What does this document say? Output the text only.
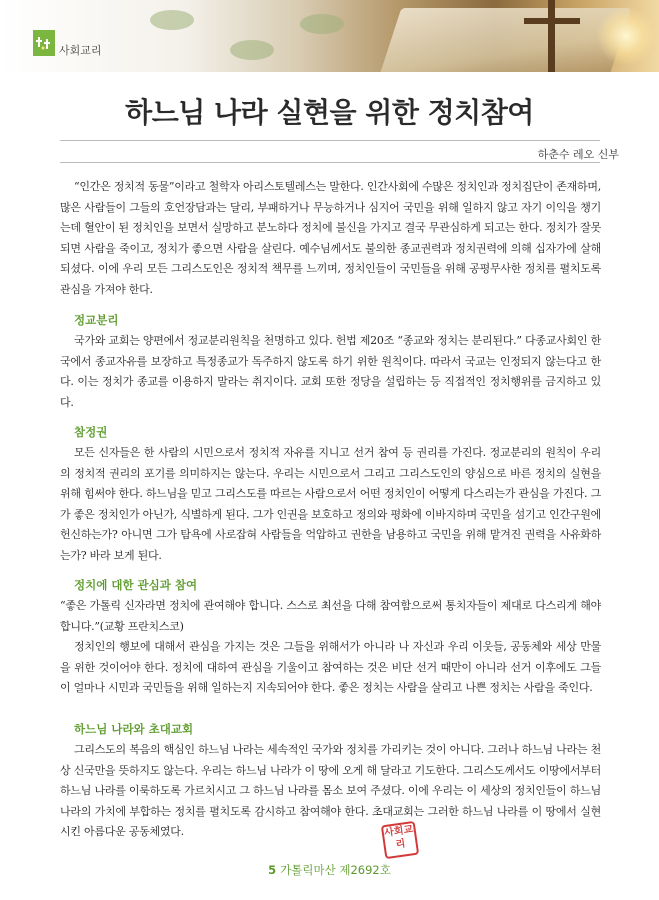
사회교리
하느님 나라 실현을 위한 정치참여
하춘수 레오 신부

“인간은 정치적 동물”이라고 철학자 아리스토텔레스는 말한다. 인간사회에 수많은 정치인과 정치집단이 존재하며, 많은 사람들이 그들의 호언장담과는 달리, 부패하거나 무능하거나 심지어 국민을 위해 일하지 않고 자기 이익을 챙기는데 혈안이 된 정치인을 보면서 실망하고 분노하다 정치에 불신을 가지고 결국 무관심하게 되고는 한다. 정치가 잘못되면 사람을 죽이고, 정치가 좋으면 사람을 살린다. 예수님께서도 불의한 종교권력과 정치권력에 의해 십자가에 살해되셨다. 이에 우리 모든 그리스도인은 정치적 책무를 느끼며, 정치인들이 국민들을 위해 공평무사한 정치를 펼치도록 관심을 가져야 한다.

정교분리

국가와 교회는 양편에서 정교분리원칙을 천명하고 있다. 헌법 제20조 “종교와 정치는 분리된다.” 다종교사회인 한국에서 종교자유를 보장하고 특정종교가 독주하지 않도록 하기 위한 원칙이다. 따라서 국교는 인정되지 않는다고 한다. 이는 정치가 종교를 이용하지 말라는 취지이다. 교회 또한 정당을 설립하는 등 직접적인 정치행위를 금지하고 있다.

참정권

모든 신자들은 한 사람의 시민으로서 정치적 자유를 지니고 선거 참여 등 권리를 가진다. 정교분리의 원칙이 우리의 정치적 권리의 포기를 의미하지는 않는다. 우리는 시민으로서 그리고 그리스도인의 양심으로 바른 정치의 실현을 위해 힘써야 한다. 하느님을 믿고 그리스도를 따르는 사람으로서 어떤 정치인이 어떻게 다스리는가 관심을 가진다. 그가 좋은 정치인가 아닌가, 식별하게 된다. 그가 인권을 보호하고 정의와 평화에 이바지하며 국민을 섬기고 인간구원에 헌신하는가? 아니면 그가 탐욕에 사로잡혀 사람들을 억압하고 권한을 남용하고 국민을 위해 맡겨진 권력을 사유화하는가? 바라 보게 된다.

정치에 대한 관심과 참여

“좋은 가톨릭 신자라면 정치에 관여해야 합니다. 스스로 최선을 다해 참여함으로써 통치자들이 제대로 다스리게 해야 합니다.”(교황 프란치스코)

정치인의 행보에 대해서 관심을 가지는 것은 그들을 위해서가 아니라 나 자신과 우리 이웃들, 공동체와 세상 만물을 위한 것이어야 한다. 정치에 대하여 관심을 기울이고 참여하는 것은 비단 선거 때만이 아니라 선거 이후에도 그들이 얼마나 시민과 국민들을 위해 일하는지 지속되어야 한다. 좋은 정치는 사람을 살리고 나쁜 정치는 사람을 죽인다.

하느님 나라와 초대교회

그리스도의 복음의 핵심인 하느님 나라는 세속적인 국가와 정치를 가리키는 것이 아니다. 그러나 하느님 나라는 천상 신국만을 뜻하지도 않는다. 우리는 하느님 나라가 이 땅에 오게 해 달라고 기도한다. 그리스도께서도 이땅에서부터 하느님 나라를 이룩하도록 가르치시고 그 하느님 나라를 몸소 보여 주셨다. 이에 우리는 이 세상의 정치인들이 하느님 나라의 가치에 부합하는 정치를 펼치도록 감시하고 참여해야 한다. 초대교회는 그러한 하느님 나라를 이 땅에서 실현시킨 아름다운 공동체였다.	사회교리
5 가톨릭마산 제2692호
